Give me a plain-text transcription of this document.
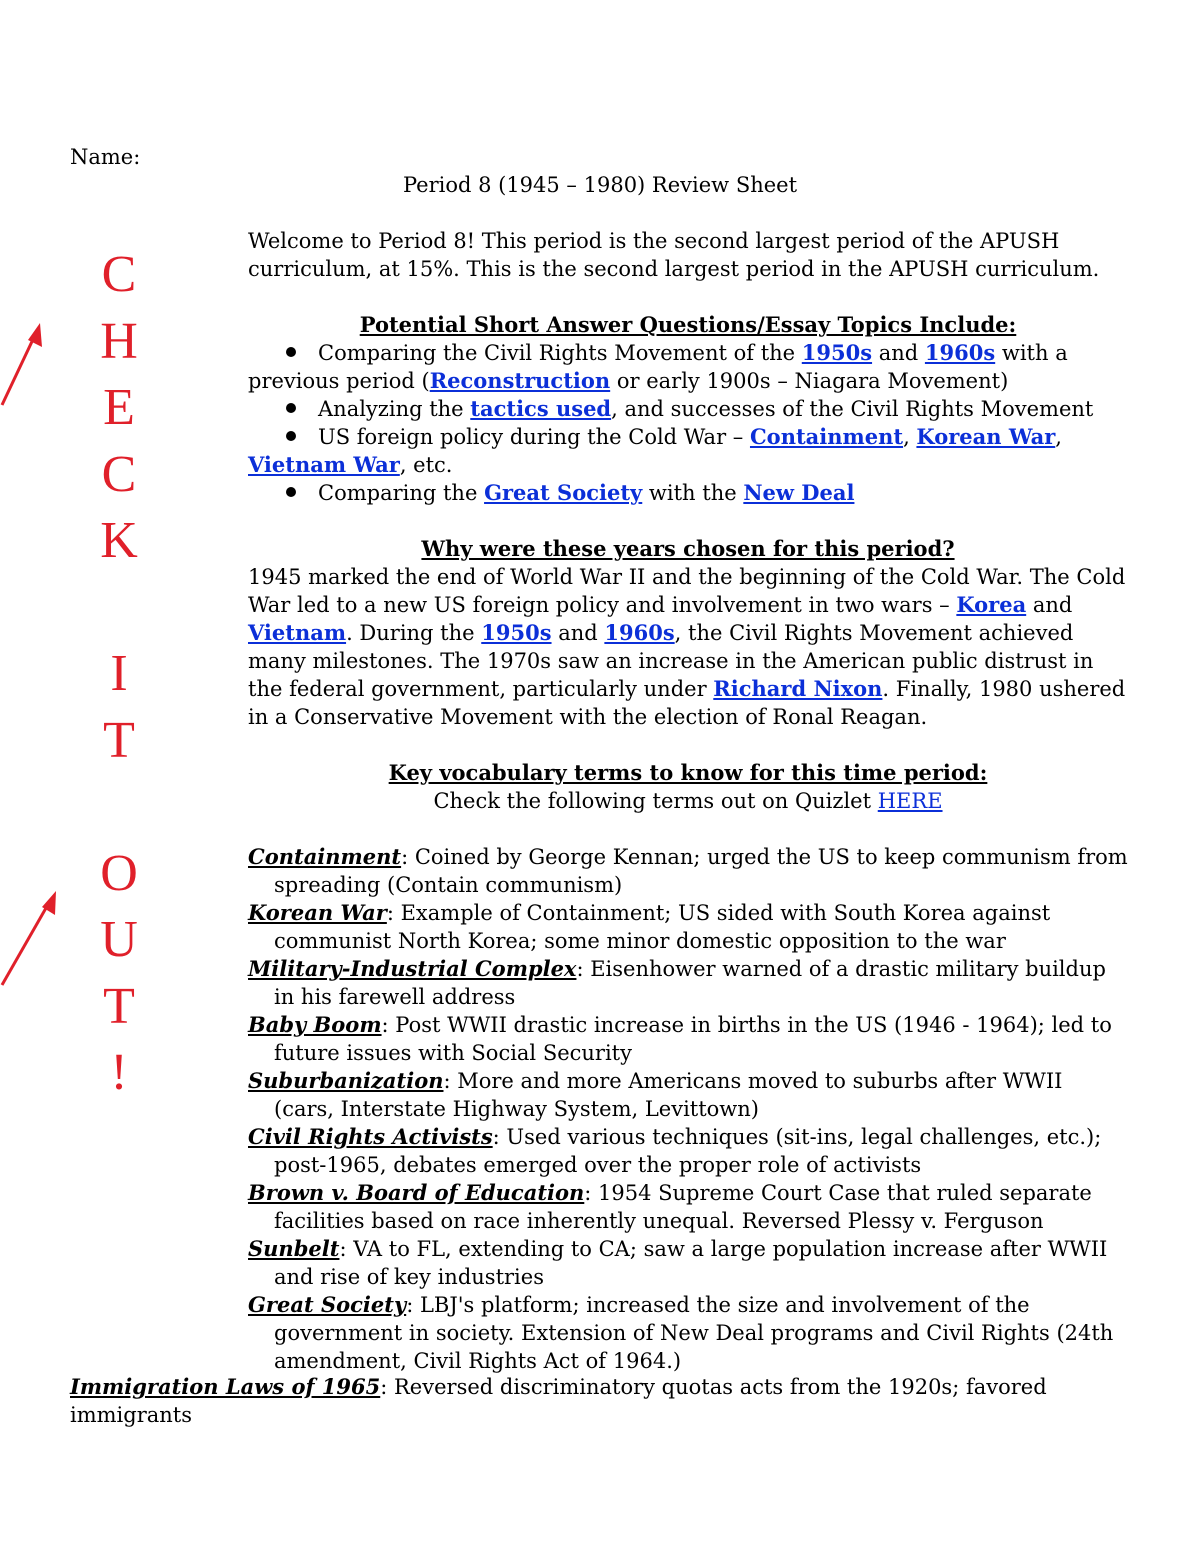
Name:
Period 8 (1945 – 1980) Review Sheet
C
H
E
C
K
I
T
O
U
T
!

Welcome to Period 8! This period is the second largest period of the APUSH curriculum, at 15%. This is the second largest period in the APUSH curriculum.

Potential Short Answer Questions/Essay Topics Include:

Comparing the Civil Rights Movement of the 1950s and 1960s with a previous period (Reconstruction or early 1900s – Niagara Movement)
Analyzing the tactics used, and successes of the Civil Rights Movement
US foreign policy during the Cold War – Containment, Korean War, Vietnam War, etc.
Comparing the Great Society with the New Deal

Why were these years chosen for this period?

1945 marked the end of World War II and the beginning of the Cold War. The Cold War led to a new US foreign policy and involvement in two wars – Korea and Vietnam. During the 1950s and 1960s, the Civil Rights Movement achieved many milestones. The 1970s saw an increase in the American public distrust in the federal government, particularly under Richard Nixon. Finally, 1980 ushered in a Conservative Movement with the election of Ronal Reagan.

Key vocabulary terms to know for this time period:

Check the following terms out on Quizlet HERE

Containment: Coined by George Kennan; urged the US to keep communism from spreading (Contain communism)

Korean War: Example of Containment; US sided with South Korea against communist North Korea; some minor domestic opposition to the war

Military-Industrial Complex: Eisenhower warned of a drastic military buildup in his farewell address

Baby Boom: Post WWII drastic increase in births in the US (1946 - 1964); led to future issues with Social Security

Suburbanization: More and more Americans moved to suburbs after WWII (cars, Interstate Highway System, Levittown)

Civil Rights Activists: Used various techniques (sit-ins, legal challenges, etc.); post-1965, debates emerged over the proper role of activists

Brown v. Board of Education: 1954 Supreme Court Case that ruled separate facilities based on race inherently unequal. Reversed Plessy v. Ferguson

Sunbelt: VA to FL, extending to CA; saw a large population increase after WWII and rise of key industries

Great Society: LBJ's platform; increased the size and involvement of the government in society. Extension of New Deal programs and Civil Rights (24th amendment, Civil Rights Act of 1964.)

Immigration Laws of 1965: Reversed discriminatory quotas acts from the 1920s; favored immigrants
